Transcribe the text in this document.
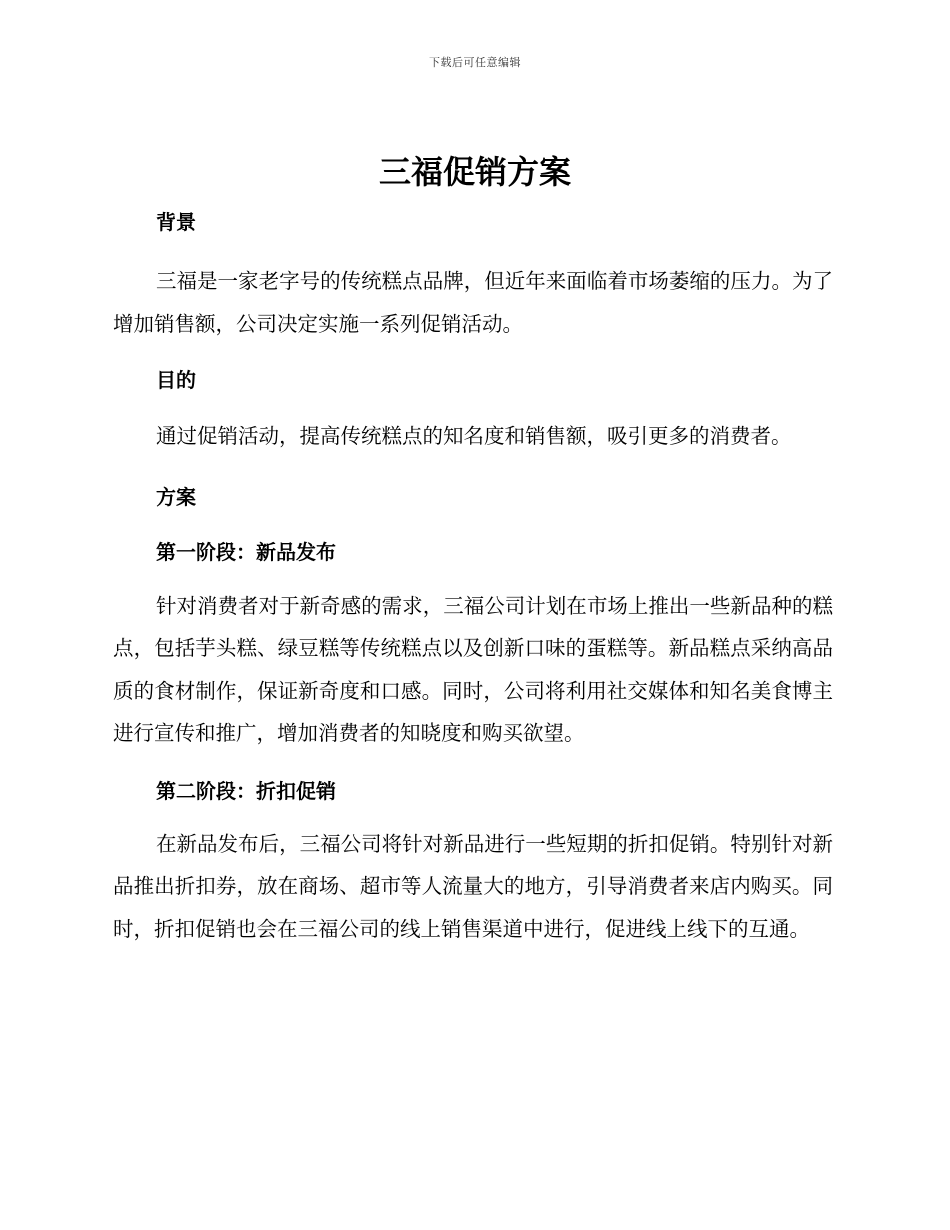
下载后可任意编辑
三福促销方案
背景

三福是一家老字号的传统糕点品牌，但近年来面临着市场萎缩的压力。为了增加销售额，公司决定实施一系列促销活动。

目的

通过促销活动，提高传统糕点的知名度和销售额，吸引更多的消费者。

方案
第一阶段：新品发布

针对消费者对于新奇感的需求，三福公司计划在市场上推出一些新品种的糕点，包括芋头糕、绿豆糕等传统糕点以及创新口味的蛋糕等。新品糕点采纳高品质的食材制作，保证新奇度和口感。同时，公司将利用社交媒体和知名美食博主进行宣传和推广，增加消费者的知晓度和购买欲望。

第二阶段：折扣促销

在新品发布后，三福公司将针对新品进行一些短期的折扣促销。特别针对新品推出折扣券，放在商场、超市等人流量大的地方，引导消费者来店内购买。同时，折扣促销也会在三福公司的线上销售渠道中进行，促进线上线下的互通。
